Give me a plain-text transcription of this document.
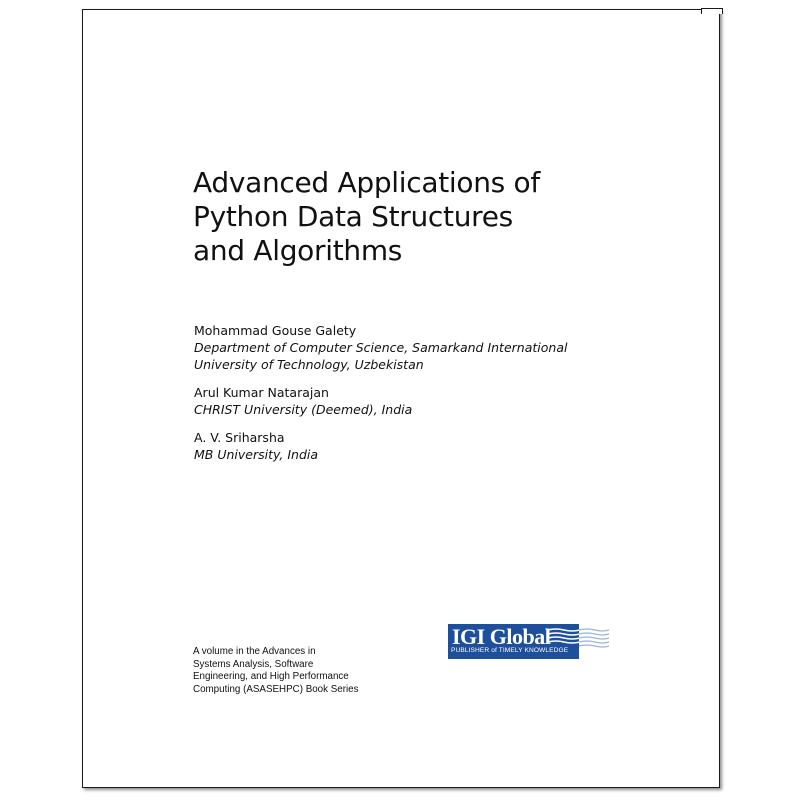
Advanced Applications of
Python Data Structures
and Algorithms
Mohammad Gouse Galety
Department of Computer Science, Samarkand International
University of Technology, Uzbekistan
Arul Kumar Natarajan
CHRIST University (Deemed), India
A. V. Sriharsha
MB University, India
A volume in the Advances in
Systems Analysis, Software
Engineering, and High Performance
Computing (ASASEHPC) Book Series
IGI Global
PUBLISHER of TIMELY KNOWLEDGE
